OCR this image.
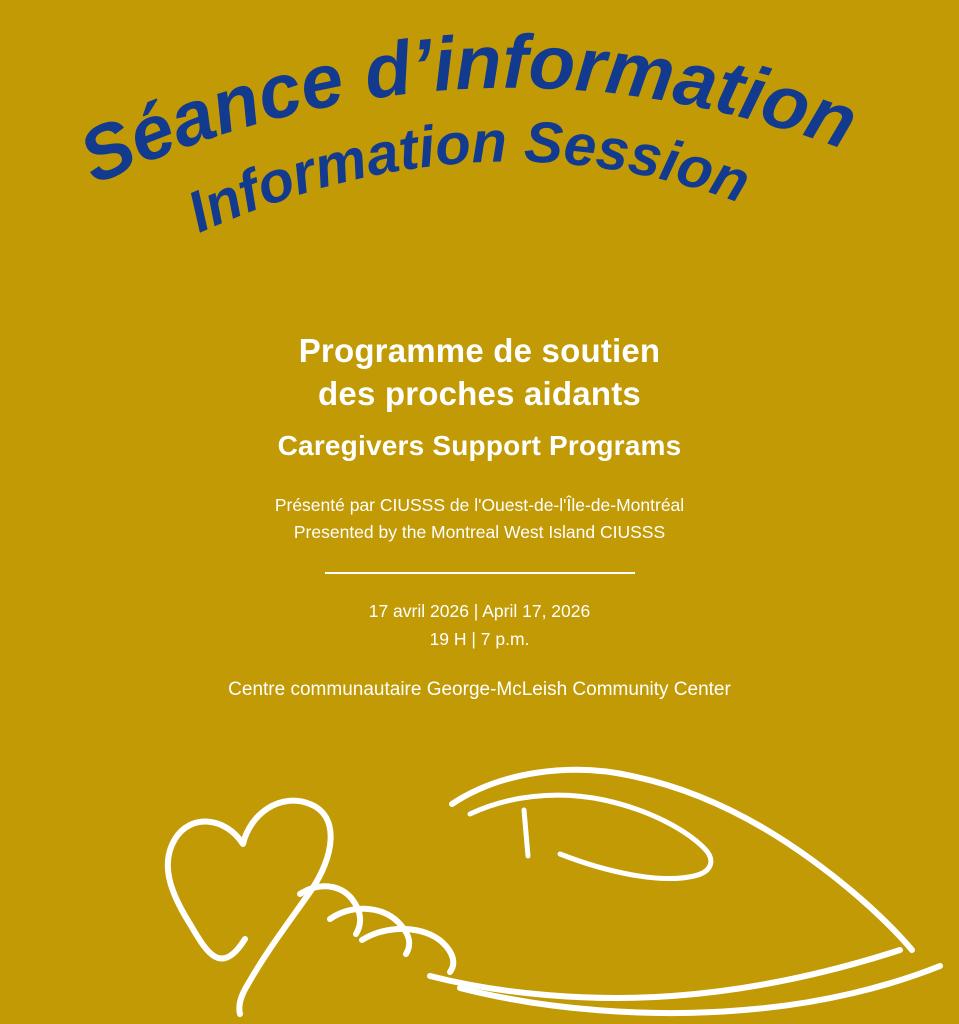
Séance d’information
Information Session
Programme de soutien
des proches aidants
Caregivers Support Programs
Présenté par CIUSSS de l'Ouest-de-l'Île-de-Montréal
Presented by the Montreal West Island CIUSSS
17 avril 2026 | April 17, 2026
19 H | 7 p.m.
Centre communautaire George-McLeish Community Center
